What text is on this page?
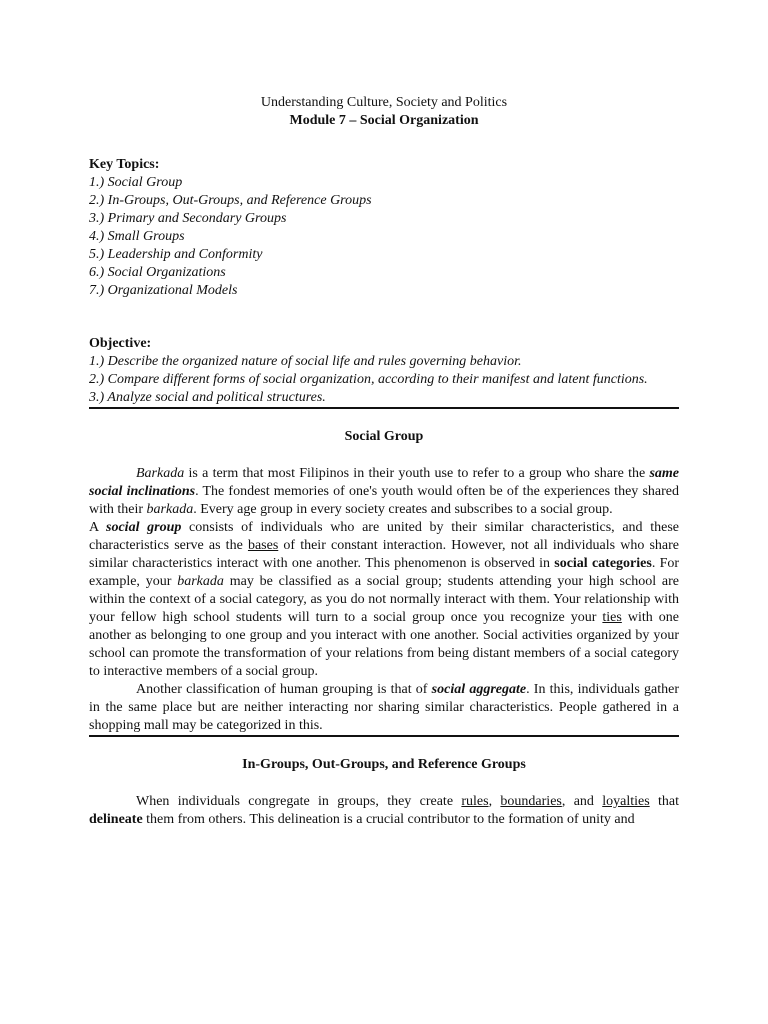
Understanding Culture, Society and Politics

Module 7 – Social Organization

Key Topics:

1.) Social Group
2.) In-Groups, Out-Groups, and Reference Groups
3.) Primary and Secondary Groups
4.) Small Groups
5.) Leadership and Conformity
6.) Social Organizations
7.) Organizational Models

Objective:

1.) Describe the organized nature of social life and rules governing behavior.
2.) Compare different forms of social organization, according to their manifest and latent functions.
3.) Analyze social and political structures.

Social Group

Barkada is a term that most Filipinos in their youth use to refer to a group who share the same social inclinations. The fondest memories of one's youth would often be of the experiences they shared with their barkada. Every age group in every society creates and subscribes to a social group.

A social group consists of individuals who are united by their similar characteristics, and these characteristics serve as the bases of their constant interaction. However, not all individuals who share similar characteristics interact with one another. This phenomenon is observed in social categories. For example, your barkada may be classified as a social group; students attending your high school are within the context of a social category, as you do not normally interact with them. Your relationship with your fellow high school students will turn to a social group once you recognize your ties with one another as belonging to one group and you interact with one another. Social activities organized by your school can promote the transformation of your relations from being distant members of a social category to interactive members of a social group.

Another classification of human grouping is that of social aggregate. In this, individuals gather in the same place but are neither interacting nor sharing similar characteristics. People gathered in a shopping mall may be categorized in this.

In-Groups, Out-Groups, and Reference Groups

When individuals congregate in groups, they create rules, boundaries, and loyalties that delineate them from others. This delineation is a crucial contributor to the formation of unity and
